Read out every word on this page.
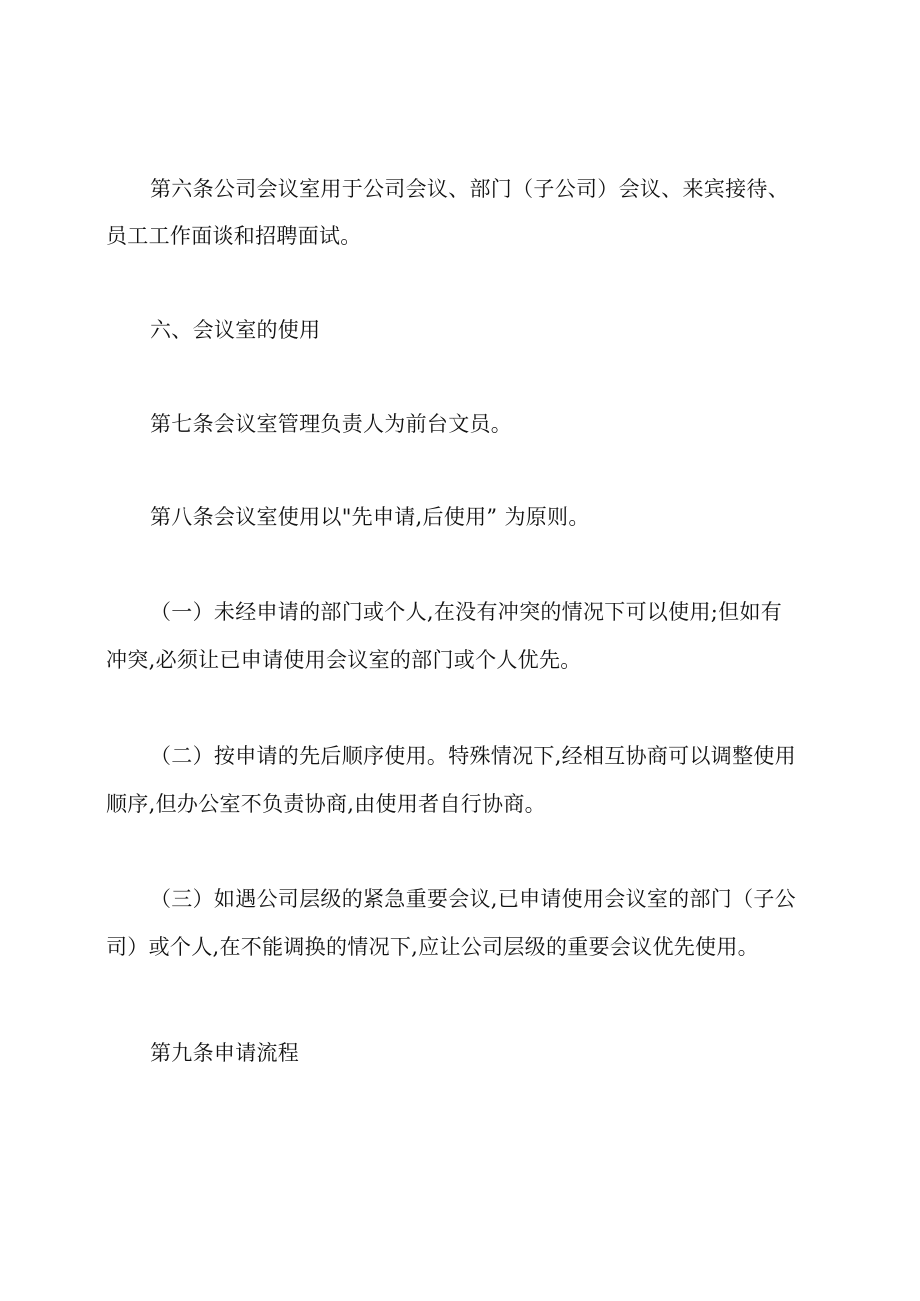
第六条公司会议室用于公司会议、部门（子公司）会议、来宾接待、
员工工作面谈和招聘面试。
六、会议室的使用
第七条会议室管理负责人为前台文员。
第八条会议室使用以"先申请,后使用” 为原则。
（一）未经申请的部门或个人,在没有冲突的情况下可以使用;但如有
冲突,必须让已申请使用会议室的部门或个人优先。
（二）按申请的先后顺序使用。特殊情况下,经相互协商可以调整使用
顺序,但办公室不负责协商,由使用者自行协商。
（三）如遇公司层级的紧急重要会议,已申请使用会议室的部门（子公
司）或个人,在不能调换的情况下,应让公司层级的重要会议优先使用。
第九条申请流程
